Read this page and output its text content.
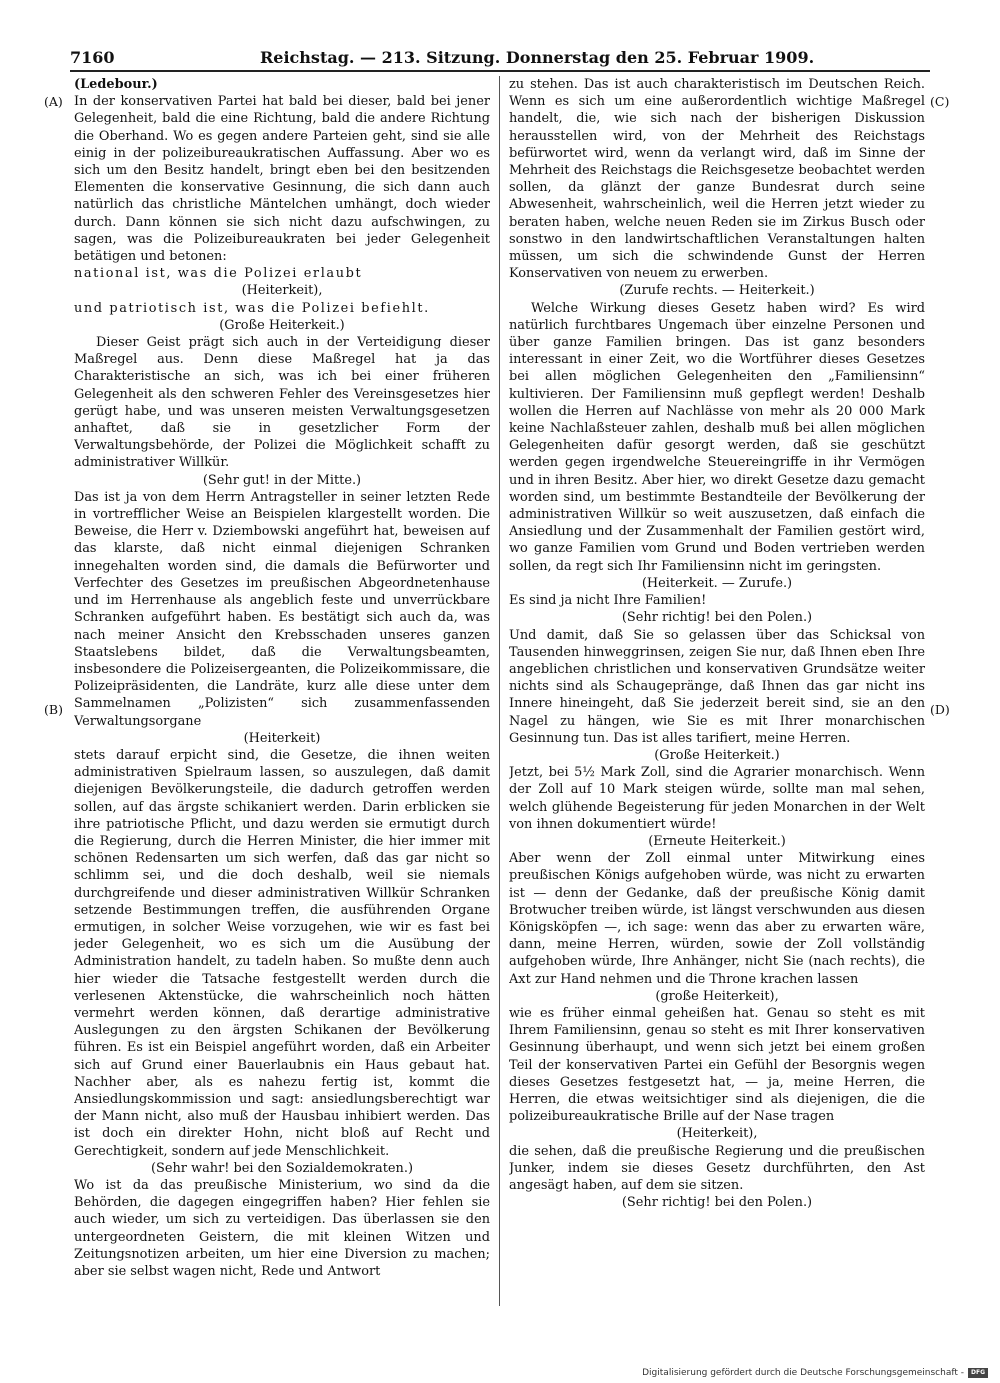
7160	Reichstag. — 213. Sitzung. Donnerstag den 25. Februar 1909.
(A)
(B)
(C)
(D)

(Ledebour.)

In der konservativen Partei hat bald bei dieser, bald bei jener Gelegenheit, bald die eine Richtung, bald die andere Richtung die Oberhand. Wo es gegen andere Parteien geht, sind sie alle einig in der polizeibureaukratischen Auffassung. Aber wo es sich um den Besitz handelt, bringt eben bei den besitzenden Elementen die konservative Gesinnung, die sich dann auch natürlich das christliche Mäntelchen umhängt, doch wieder durch. Dann können sie sich nicht dazu aufschwingen, zu sagen, was die Polizeibureaukraten bei jeder Gelegenheit betätigen und betonen:

national ist, was die Polizei erlaubt

(Heiterkeit),

und patriotisch ist, was die Polizei befiehlt.

(Große Heiterkeit.)

Dieser Geist prägt sich auch in der Verteidigung dieser Maßregel aus. Denn diese Maßregel hat ja das Charakteristische an sich, was ich bei einer früheren Gelegenheit als den schweren Fehler des Vereinsgesetzes hier gerügt habe, und was unseren meisten Verwaltungsgesetzen anhaftet, daß sie in gesetzlicher Form der Verwaltungsbehörde, der Polizei die Möglichkeit schafft zu administrativer Willkür.

(Sehr gut! in der Mitte.)

Das ist ja von dem Herrn Antragsteller in seiner letzten Rede in vortrefflicher Weise an Beispielen klargestellt worden. Die Beweise, die Herr v. Dziembowski angeführt hat, beweisen auf das klarste, daß nicht einmal diejenigen Schranken innegehalten worden sind, die damals die Befürworter und Verfechter des Gesetzes im preußischen Abgeordnetenhause und im Herrenhause als angeblich feste und unverrückbare Schranken aufgeführt haben. Es bestätigt sich auch da, was nach meiner Ansicht den Krebsschaden unseres ganzen Staatslebens bildet, daß die Verwaltungsbeamten, insbesondere die Polizeisergeanten, die Polizeikommissare, die Polizeipräsidenten, die Landräte, kurz alle diese unter dem Sammelnamen „Polizisten“ sich zusammenfassenden Verwaltungsorgane

(Heiterkeit)

stets darauf erpicht sind, die Gesetze, die ihnen weiten administrativen Spielraum lassen, so auszulegen, daß damit diejenigen Bevölkerungsteile, die dadurch getroffen werden sollen, auf das ärgste schikaniert werden. Darin erblicken sie ihre patriotische Pflicht, und dazu werden sie ermutigt durch die Regierung, durch die Herren Minister, die hier immer mit schönen Redensarten um sich werfen, daß das gar nicht so schlimm sei, und die doch deshalb, weil sie niemals durchgreifende und dieser administrativen Willkür Schranken setzende Bestimmungen treffen, die ausführenden Organe ermutigen, in solcher Weise vorzugehen, wie wir es fast bei jeder Gelegenheit, wo es sich um die Ausübung der Administration handelt, zu tadeln haben. So mußte denn auch hier wieder die Tatsache festgestellt werden durch die verlesenen Aktenstücke, die wahrscheinlich noch hätten vermehrt werden können, daß derartige administrative Auslegungen zu den ärgsten Schikanen der Bevölkerung führen. Es ist ein Beispiel angeführt worden, daß ein Arbeiter sich auf Grund einer Bauerlaubnis ein Haus gebaut hat. Nachher aber, als es nahezu fertig ist, kommt die Ansiedlungskommission und sagt: ansiedlungsberechtigt war der Mann nicht, also muß der Hausbau inhibiert werden. Das ist doch ein direkter Hohn, nicht bloß auf Recht und Gerechtigkeit, sondern auf jede Menschlichkeit.

(Sehr wahr! bei den Sozialdemokraten.)

Wo ist da das preußische Ministerium, wo sind da die Behörden, die dagegen eingegriffen haben? Hier fehlen sie auch wieder, um sich zu verteidigen. Das überlassen sie den untergeordneten Geistern, die mit kleinen Witzen und Zeitungsnotizen arbeiten, um hier eine Diversion zu machen; aber sie selbst wagen nicht, Rede und Antwort

zu stehen. Das ist auch charakteristisch im Deutschen Reich. Wenn es sich um eine außerordentlich wichtige Maßregel handelt, die, wie sich nach der bisherigen Diskussion herausstellen wird, von der Mehrheit des Reichstags befürwortet wird, wenn da verlangt wird, daß im Sinne der Mehrheit des Reichstags die Reichsgesetze beobachtet werden sollen, da glänzt der ganze Bundesrat durch seine Abwesenheit, wahrscheinlich, weil die Herren jetzt wieder zu beraten haben, welche neuen Reden sie im Zirkus Busch oder sonstwo in den landwirtschaftlichen Veranstaltungen halten müssen, um sich die schwindende Gunst der Herren Konservativen von neuem zu erwerben.

(Zurufe rechts. — Heiterkeit.)

Welche Wirkung dieses Gesetz haben wird? Es wird natürlich furchtbares Ungemach über einzelne Personen und über ganze Familien bringen. Das ist ganz besonders interessant in einer Zeit, wo die Wortführer dieses Gesetzes bei allen möglichen Gelegenheiten den „Familiensinn“ kultivieren. Der Familiensinn muß gepflegt werden! Deshalb wollen die Herren auf Nachlässe von mehr als 20 000 Mark keine Nachlaßsteuer zahlen, deshalb muß bei allen möglichen Gelegenheiten dafür gesorgt werden, daß sie geschützt werden gegen irgendwelche Steuereingriffe in ihr Vermögen und in ihren Besitz. Aber hier, wo direkt Gesetze dazu gemacht worden sind, um bestimmte Bestandteile der Bevölkerung der administrativen Willkür so weit auszusetzen, daß einfach die Ansiedlung und der Zusammenhalt der Familien gestört wird, wo ganze Familien vom Grund und Boden vertrieben werden sollen, da regt sich Ihr Familiensinn nicht im geringsten.

(Heiterkeit. — Zurufe.)

Es sind ja nicht Ihre Familien!

(Sehr richtig! bei den Polen.)

Und damit, daß Sie so gelassen über das Schicksal von Tausenden hinweggrinsen, zeigen Sie nur, daß Ihnen eben Ihre angeblichen christlichen und konservativen Grundsätze weiter nichts sind als Schaugepränge, daß Ihnen das gar nicht ins Innere hineingeht, daß Sie jederzeit bereit sind, sie an den Nagel zu hängen, wie Sie es mit Ihrer monarchischen Gesinnung tun. Das ist alles tarifiert, meine Herren.

(Große Heiterkeit.)

Jetzt, bei 5½ Mark Zoll, sind die Agrarier monarchisch. Wenn der Zoll auf 10 Mark steigen würde, sollte man mal sehen, welch glühende Begeisterung für jeden Monarchen in der Welt von ihnen dokumentiert würde!

(Erneute Heiterkeit.)

Aber wenn der Zoll einmal unter Mitwirkung eines preußischen Königs aufgehoben würde, was nicht zu erwarten ist — denn der Gedanke, daß der preußische König damit Brotwucher treiben würde, ist längst verschwunden aus diesen Königsköpfen —, ich sage: wenn das aber zu erwarten wäre, dann, meine Herren, würden, sowie der Zoll vollständig aufgehoben würde, Ihre Anhänger, nicht Sie (nach rechts), die Axt zur Hand nehmen und die Throne krachen lassen

(große Heiterkeit),

wie es früher einmal geheißen hat. Genau so steht es mit Ihrem Familiensinn, genau so steht es mit Ihrer konservativen Gesinnung überhaupt, und wenn sich jetzt bei einem großen Teil der konservativen Partei ein Gefühl der Besorgnis wegen dieses Gesetzes festgesetzt hat, — ja, meine Herren, die Herren, die etwas weitsichtiger sind als diejenigen, die die polizeibureaukratische Brille auf der Nase tragen

(Heiterkeit),

die sehen, daß die preußische Regierung und die preußischen Junker, indem sie dieses Gesetz durchführten, den Ast angesägt haben, auf dem sie sitzen.

(Sehr richtig! bei den Polen.)

Digitalisierung gefördert durch die Deutsche Forschungsgemeinschaft -	DFG
